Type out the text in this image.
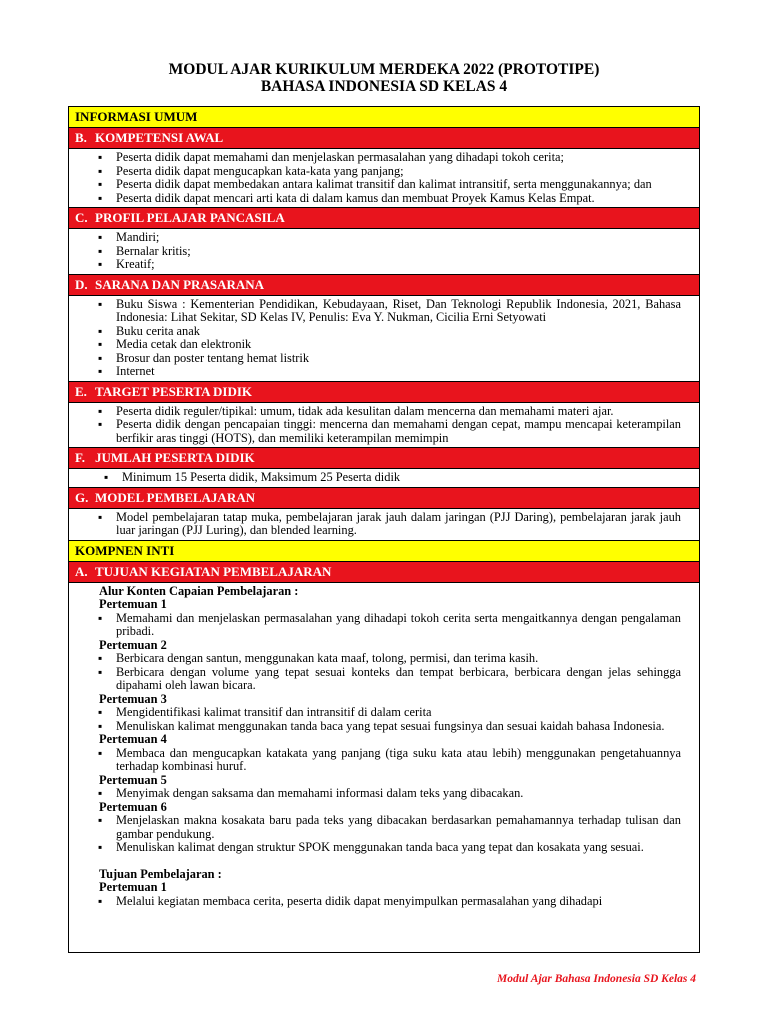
MODUL AJAR KURIKULUM MERDEKA 2022 (PROTOTIPE)
BAHASA INDONESIA SD KELAS 4
INFORMASI UMUM
B. KOMPETENSI AWAL
▪ Peserta didik dapat memahami dan menjelaskan permasalahan yang dihadapi tokoh cerita;
▪ Peserta didik dapat mengucapkan kata-kata yang panjang;
▪ Peserta didik dapat membedakan antara kalimat transitif dan kalimat intransitif, serta menggunakannya; dan
▪ Peserta didik dapat mencari arti kata di dalam kamus dan membuat Proyek Kamus Kelas Empat.
C. PROFIL PELAJAR PANCASILA
▪ Mandiri;
▪ Bernalar kritis;
▪ Kreatif;
D. SARANA DAN PRASARANA
▪ Buku Siswa : Kementerian Pendidikan, Kebudayaan, Riset, Dan Teknologi Republik Indonesia, 2021, Bahasa Indonesia: Lihat Sekitar, SD Kelas IV, Penulis: Eva Y. Nukman, Cicilia Erni Setyowati
▪ Buku cerita anak
▪ Media cetak dan elektronik
▪ Brosur dan poster tentang hemat listrik
▪ Internet
E. TARGET PESERTA DIDIK
▪ Peserta didik reguler/tipikal: umum, tidak ada kesulitan dalam mencerna dan memahami materi ajar.
▪ Peserta didik dengan pencapaian tinggi: mencerna dan memahami dengan cepat, mampu mencapai keterampilan berfikir aras tinggi (HOTS), dan memiliki keterampilan memimpin
F. JUMLAH PESERTA DIDIK
▪ Minimum 15 Peserta didik, Maksimum 25 Peserta didik
G. MODEL PEMBELAJARAN
▪ Model pembelajaran tatap muka, pembelajaran jarak jauh dalam jaringan (PJJ Daring), pembelajaran jarak jauh luar jaringan (PJJ Luring), dan blended learning.
KOMPNEN INTI
A. TUJUAN KEGIATAN PEMBELAJARAN
Alur Konten Capaian Pembelajaran :
Pertemuan 1
▪ Memahami dan menjelaskan permasalahan yang dihadapi tokoh cerita serta mengaitkannya dengan pengalaman pribadi.
Pertemuan 2
▪ Berbicara dengan santun, menggunakan kata maaf, tolong, permisi, dan terima kasih.
▪ Berbicara dengan volume yang tepat sesuai konteks dan tempat berbicara, berbicara dengan jelas sehingga dipahami oleh lawan bicara.
Pertemuan 3
▪ Mengidentifikasi kalimat transitif dan intransitif di dalam cerita
▪ Menuliskan kalimat menggunakan tanda baca yang tepat sesuai fungsinya dan sesuai kaidah bahasa Indonesia.
Pertemuan 4
▪ Membaca dan mengucapkan katakata yang panjang (tiga suku kata atau lebih) menggunakan pengetahuannya terhadap kombinasi huruf.
Pertemuan 5
▪ Menyimak dengan saksama dan memahami informasi dalam teks yang dibacakan.
Pertemuan 6
▪ Menjelaskan makna kosakata baru pada teks yang dibacakan berdasarkan pemahamannya terhadap tulisan dan gambar pendukung.
▪ Menuliskan kalimat dengan struktur SPOK menggunakan tanda baca yang tepat dan kosakata yang sesuai.
Tujuan Pembelajaran :
Pertemuan 1
▪ Melalui kegiatan membaca cerita, peserta didik dapat menyimpulkan permasalahan yang dihadapi
Modul Ajar Bahasa Indonesia SD Kelas 4
